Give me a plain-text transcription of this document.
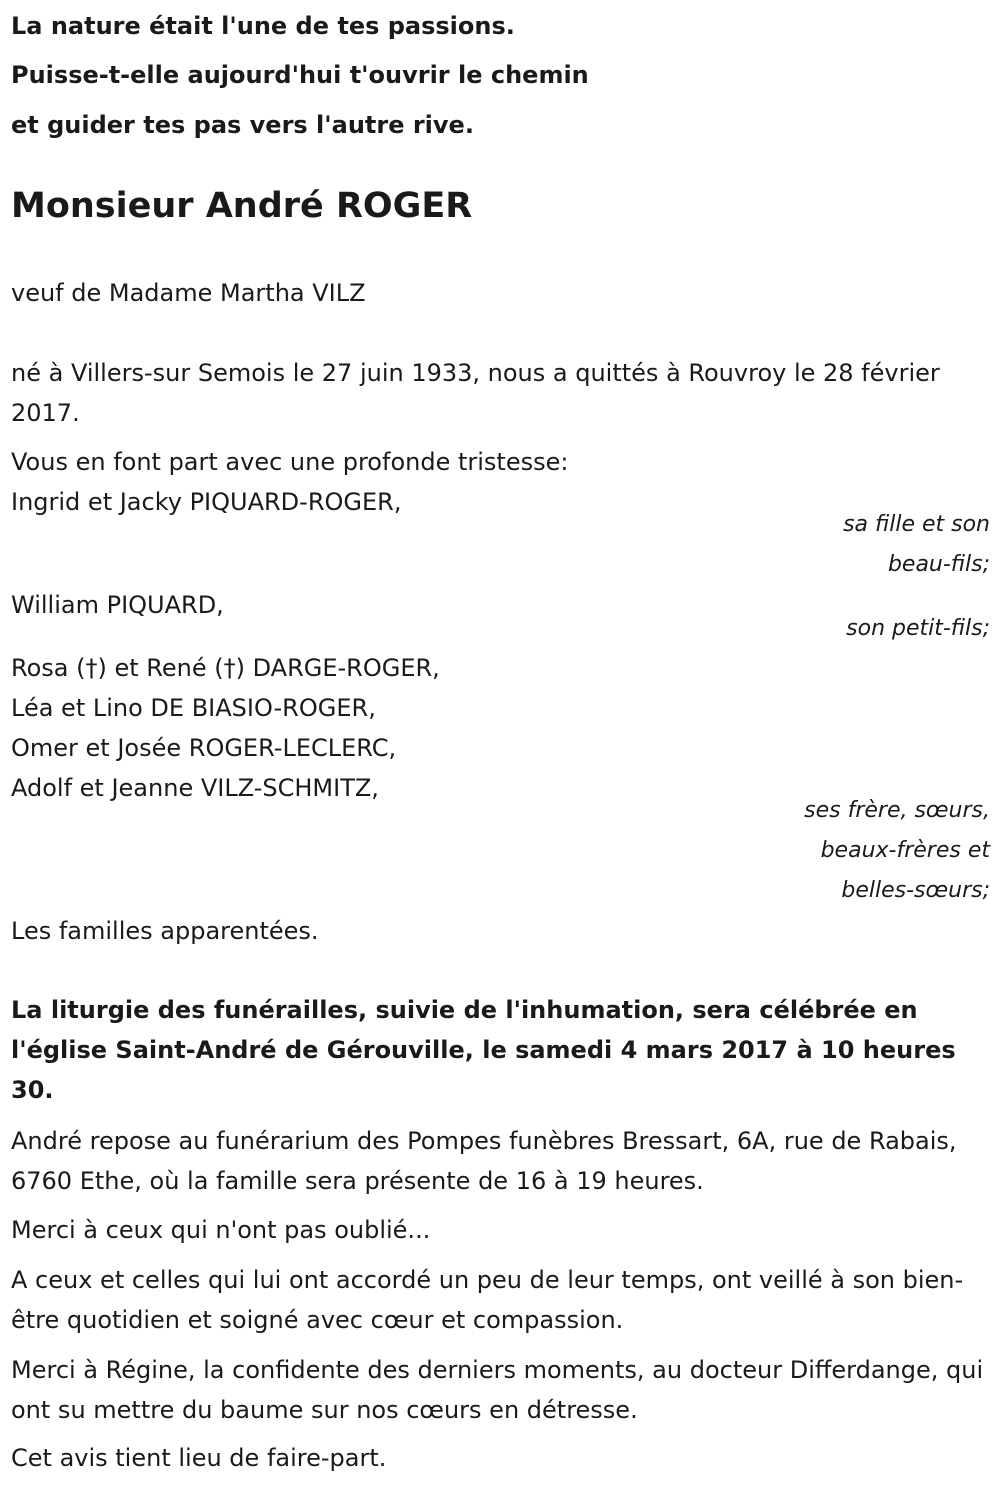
La nature était l'une de tes passions.
Puisse-t-elle aujourd'hui t'ouvrir le chemin
et guider tes pas vers l'autre rive.
Monsieur André ROGER
veuf de Madame Martha VILZ
né à Villers-sur Semois le 27 juin 1933, nous a quittés à Rouvroy le 28 février 2017.
Vous en font part avec une profonde tristesse:
Ingrid et Jacky PIQUARD-ROGER,
sa fille et son
beau-fils;
William PIQUARD,
son petit-fils;
Rosa (†) et René (†) DARGE-ROGER,
Léa et Lino DE BIASIO-ROGER,
Omer et Josée ROGER-LECLERC,
Adolf et Jeanne VILZ-SCHMITZ,
ses frère, sœurs,
beaux-frères et
belles-sœurs;
Les familles apparentées.
La liturgie des funérailles, suivie de l'inhumation, sera célébrée en l'église Saint-André de Gérouville, le samedi 4 mars 2017 à 10 heures 30.
André repose au funérarium des Pompes funèbres Bressart, 6A, rue de Rabais, 6760 Ethe, où la famille sera présente de 16 à 19 heures.
Merci à ceux qui n'ont pas oublié...
A ceux et celles qui lui ont accordé un peu de leur temps, ont veillé à son bien-être quotidien et soigné avec cœur et compassion.
Merci à Régine, la confidente des derniers moments, au docteur Differdange, qui ont su mettre du baume sur nos cœurs en détresse.
Cet avis tient lieu de faire-part.
